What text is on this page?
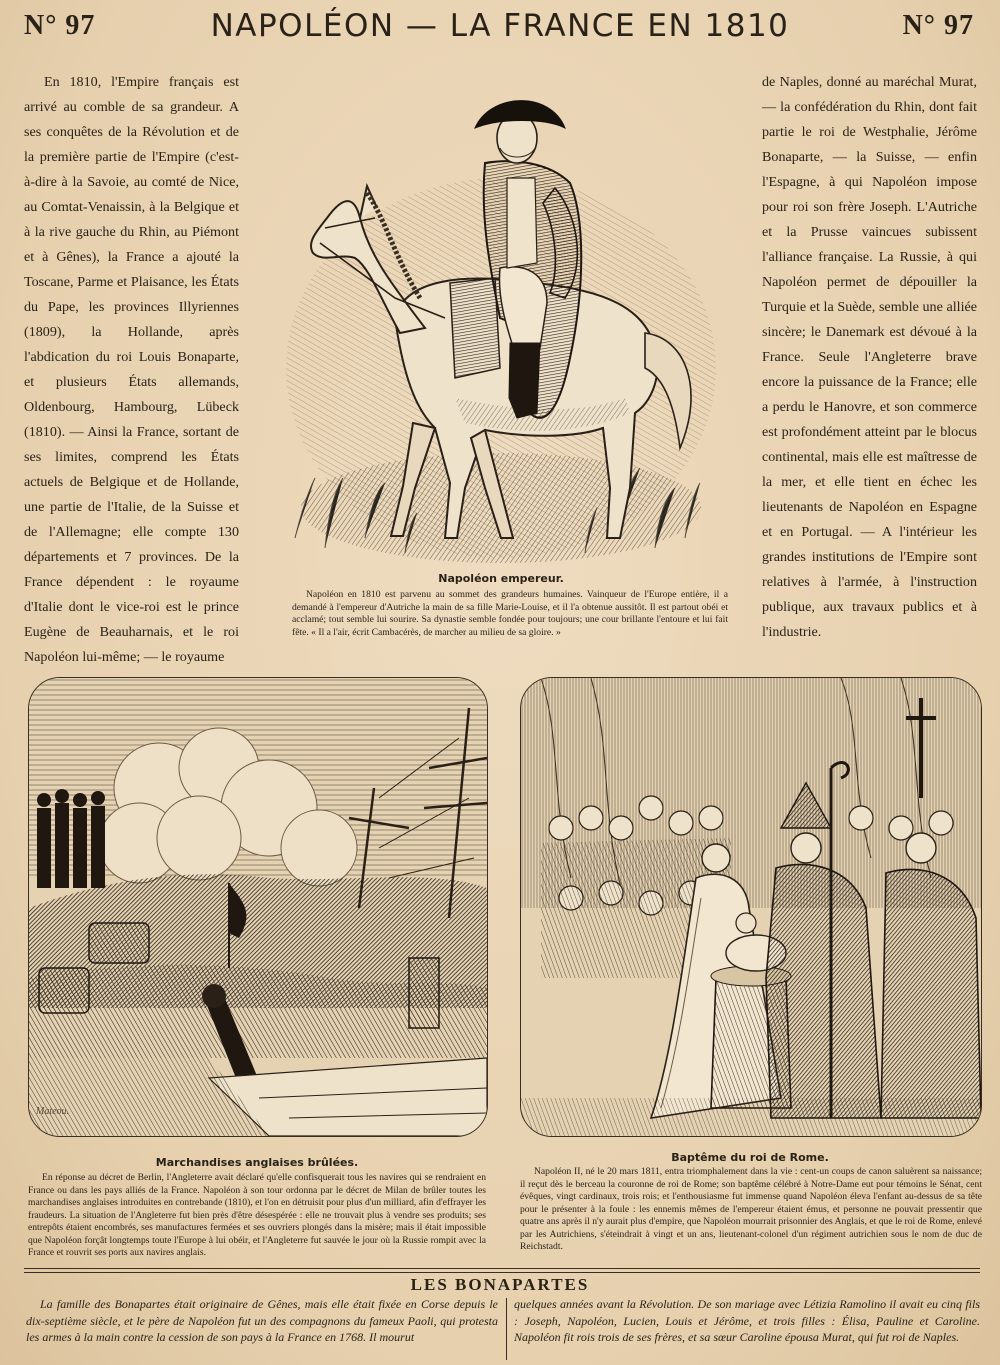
N° 97	NAPOLÉON — LA FRANCE EN 1810	N° 97

En 1810, l'Empire français est arrivé au comble de sa grandeur. A ses conquêtes de la Révolution et de la première partie de l'Empire (c'est-à-dire à la Savoie, au comté de Nice, au Comtat-Venaissin, à la Belgique et à la rive gauche du Rhin, au Piémont et à Gênes), la France a ajouté la Toscane, Parme et Plaisance, les États du Pape, les provinces Illyriennes (1809), la Hollande, après l'abdication du roi Louis Bonaparte, et plusieurs États allemands, Oldenbourg, Hambourg, Lübeck (1810). — Ainsi la France, sortant de ses limites, comprend les États actuels de Belgique et de Hollande, une partie de l'Italie, de la Suisse et de l'Allemagne; elle compte 130 départements et 7 provinces. De la France dépendent : le royaume d'Italie dont le vice-roi est le prince Eugène de Beauharnais, et le roi Napoléon lui-même; — le royaume

Napoléon empereur.
Napoléon en 1810 est parvenu au sommet des grandeurs humaines. Vainqueur de l'Europe entière, il a demandé à l'empereur d'Autriche la main de sa fille Marie-Louise, et il l'a obtenue aussitôt. Il est partout obéi et acclamé; tout semble lui sourire. Sa dynastie semble fondée pour toujours; une cour brillante l'entoure et lui fait fête. « Il a l'air, écrit Cambacérès, de marcher au milieu de sa gloire. »

de Naples, donné au maréchal Murat, — la confédération du Rhin, dont fait partie le roi de Westphalie, Jérôme Bonaparte, — la Suisse, — enfin l'Espagne, à qui Napoléon impose pour roi son frère Joseph. L'Autriche et la Prusse vaincues subissent l'alliance française. La Russie, à qui Napoléon permet de dépouiller la Turquie et la Suède, semble une alliée sincère; le Danemark est dévoué à la France. Seule l'Angleterre brave encore la puissance de la France; elle a perdu le Hanovre, et son commerce est profondément atteint par le blocus continental, mais elle est maîtresse de la mer, et elle tient en échec les lieutenants de Napoléon en Espagne et en Portugal. — A l'intérieur les grandes institutions de l'Empire sont relatives à l'armée, à l'instruction publique, aux travaux publics et à l'industrie.

Mateou.
Marchandises anglaises brûlées.
En réponse au décret de Berlin, l'Angleterre avait déclaré qu'elle confisquerait tous les navires qui se rendraient en France ou dans les pays alliés de la France. Napoléon à son tour ordonna par le décret de Milan de brûler toutes les marchandises anglaises introduites en contrebande (1810), et l'on en détruisit pour plus d'un milliard, afin d'effrayer les fraudeurs. La situation de l'Angleterre fut bien près d'être désespérée : elle ne trouvait plus à vendre ses produits; ses entrepôts étaient encombrés, ses manufactures fermées et ses ouvriers plongés dans la misère; mais il était impossible que Napoléon forçât longtemps toute l'Europe à lui obéir, et l'Angleterre fut sauvée le jour où la Russie rompit avec la France et rouvrit ses ports aux navires anglais.
Baptême du roi de Rome.
Napoléon II, né le 20 mars 1811, entra triomphalement dans la vie : cent-un coups de canon saluèrent sa naissance; il reçut dès le berceau la couronne de roi de Rome; son baptême célébré à Notre-Dame eut pour témoins le Sénat, cent évêques, vingt cardinaux, trois rois; et l'enthousiasme fut immense quand Napoléon éleva l'enfant au-dessus de sa tête pour le présenter à la foule : les ennemis mêmes de l'empereur étaient émus, et personne ne pouvait pressentir que quatre ans après il n'y aurait plus d'empire, que Napoléon mourrait prisonnier des Anglais, et que le roi de Rome, enlevé par les Autrichiens, s'éteindrait à vingt et un ans, lieutenant-colonel d'un régiment autrichien sous le nom de duc de Reichstadt.
LES BONAPARTES
La famille des Bonapartes était originaire de Gênes, mais elle était fixée en Corse depuis le dix-septième siècle, et le père de Napoléon fut un des compagnons du fameux Paoli, qui protesta les armes à la main contre la cession de son pays à la France en 1768. Il mourut
quelques années avant la Révolution. De son mariage avec Létizia Ramolino il avait eu cinq fils : Joseph, Napoléon, Lucien, Louis et Jérôme, et trois filles : Élisa, Pauline et Caroline. Napoléon fit rois trois de ses frères, et sa sœur Caroline épousa Murat, qui fut roi de Naples.
